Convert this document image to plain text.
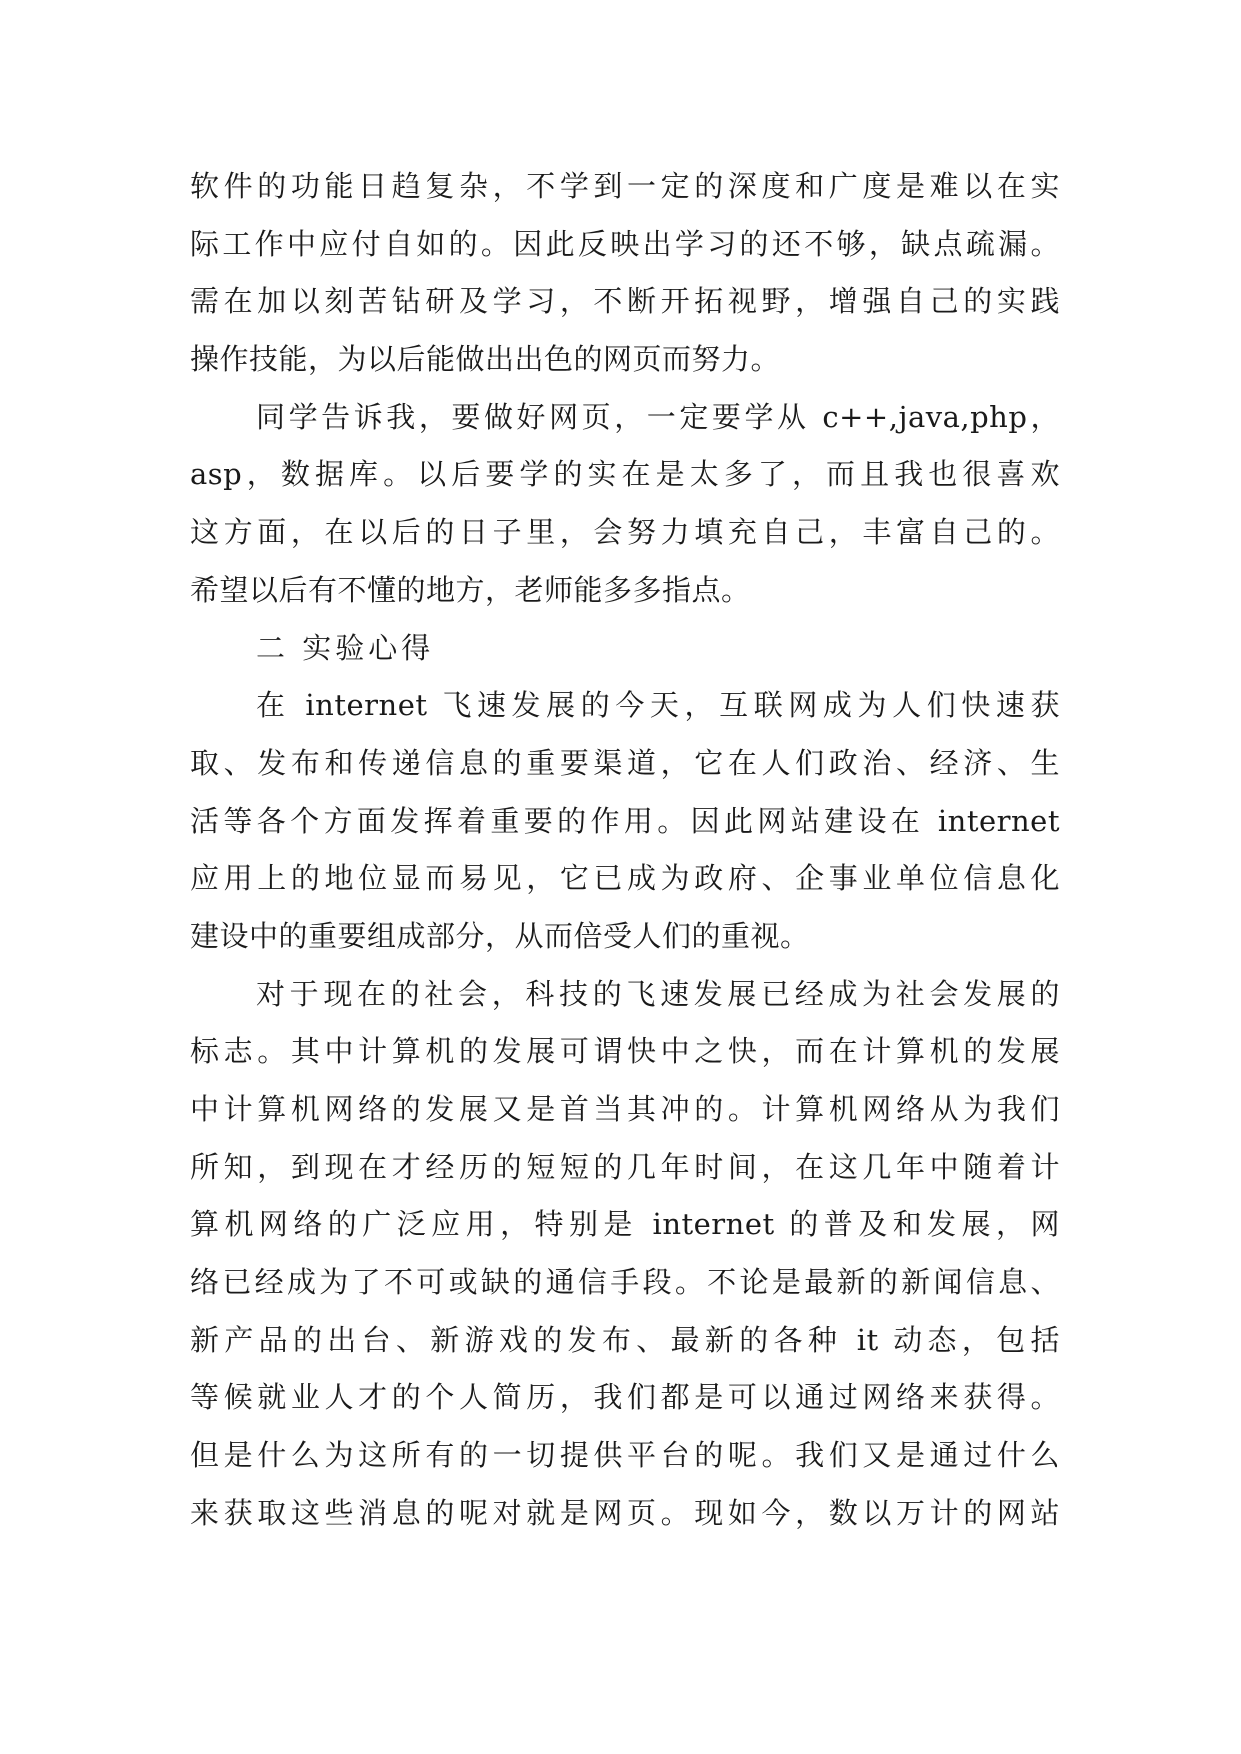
软件的功能日趋复杂，不学到一定的深度和广度是难以在实
际工作中应付自如的。因此反映出学习的还不够，缺点疏漏。
需在加以刻苦钻研及学习，不断开拓视野，增强自己的实践
操作技能，为以后能做出出色的网页而努力。
同学告诉我，要做好网页，一定要学从 c++,java,php，
asp，数据库。以后要学的实在是太多了，而且我也很喜欢
这方面，在以后的日子里，会努力填充自己，丰富自己的。
希望以后有不懂的地方，老师能多多指点。
二 实验心得
在 internet 飞速发展的今天，互联网成为人们快速获
取、发布和传递信息的重要渠道，它在人们政治、经济、生
活等各个方面发挥着重要的作用。因此网站建设在 internet
应用上的地位显而易见，它已成为政府、企事业单位信息化
建设中的重要组成部分，从而倍受人们的重视。
对于现在的社会，科技的飞速发展已经成为社会发展的
标志。其中计算机的发展可谓快中之快，而在计算机的发展
中计算机网络的发展又是首当其冲的。计算机网络从为我们
所知，到现在才经历的短短的几年时间，在这几年中随着计
算机网络的广泛应用，特别是 internet 的普及和发展，网
络已经成为了不可或缺的通信手段。不论是最新的新闻信息、
新产品的出台、新游戏的发布、最新的各种 it 动态，包括
等候就业人才的个人简历，我们都是可以通过网络来获得。
但是什么为这所有的一切提供平台的呢。我们又是通过什么
来获取这些消息的呢对就是网页。现如今，数以万计的网站
